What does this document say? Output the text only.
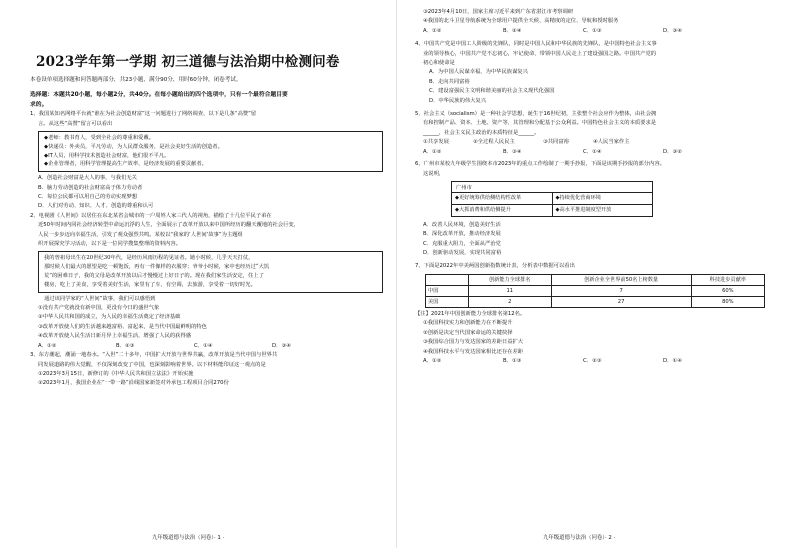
2023学年第一学期 初三道德与法治期中检测问卷
本卷设单项选择题和问答题两部分，共23小题，满分90分，用时60分钟，闭卷考试。
选择题：本题共20小题，每小题2分，共40分。在每小题给出的四个选项中，只有一个最符合题目要
求的。
1、我国某知名网络平台就“谁在为社会创造财富”这一问题进行了网络调查，以下是几条“高赞”留
言。从这些“高赞”留言可以看出
◆老师：教书育人，受到全社会的尊重和爱戴。
◆快递员：外卖员，平凡劳动，为人民群众服务，是社会美好生活的创造者。
◆IT人员，用科学技术创造社会财富，他们很不平凡。
◆企业管理者，用科学管理提高生产效率，是经济发展的重要贡献者。
A．创造社会财富是大人的事，与我们无关
B．脑力劳动创造的社会财富高于体力劳动者
C．每位公民都可以用自己的劳动实现梦想
D．人们对劳动、知识、人才、创造的尊重和认可
2、电视剧《人世间》以居住在东北某省会城市的一户周姓人家三代人的视角，描绘了十几位平民子弟在
近50年时间内同社会经济转型中命运沉浮的人生，全面展示了改革开放以来中国所经历的翻天覆地的社会巨变，
人民一步步迈向幸福生活，引发了观众强烈共鸣。某校以“我家的‘人世间’故事”为主题组
织开展探究学习活动，以下是一位同学搜集整理的资料内容。
我的曾祖母出生在20世纪30年代，是经历风雨历程的见证者。她小时候，几乎天天打仗，
那时候人们最大的愿望是吃一顿饱饭，再有一件像样的衣服穿；爷爷小时候，家中也经历过“大饥
荒”的困难日子，我的父母是改革开放以后才慢慢过上好日子的。现在我们家生活安定，住上了
楼房，吃上了美食，享受着美好生活，家里有了车，有空调，去旅游，享受着一切好时光。
通过该同学家的“人世间”故事，我们可以感悟到
①没有共产党就没有新中国，更没有今日的盛世气象
②中华人民共和国的成立，为人民的幸福生活奠定了经济基础
③改革开放使人们的生活越来越富裕、富起来，是当代中国最鲜明的特色
④改革开放使人民生活日新月异上幸福生活，增强了人民的获得感
A．①②	B．②③	C．①④	D．③④
3、东方潮起，潮涌一地春水。“入世”二十多年，中国扩大开放与世界共赢，改革开放是当代中国与世界共
同发展道路的伟大觉醒，不仅深刻改变了中国，也深刻影响着世界。以下材料能印证这一观点的是
①2023年3月15日，新修订的《中华人民共和国立法法》开始实施
②2023年1月，我国企业在“一带一路”沿线国家新签对外承包工程项目合同270份
九年级道德与法治（问卷）· 1 ·
③2023年4月10日，国家主席习近平来到广东省湛江市考察调研
④我国的北斗卫星导航系统为全球用户提供全天候、高精度的定位、导航和授时服务
A．①②	B．②④	C．①③	D．③④
4、中国共产党是中国工人阶级的先锋队，同时是中国人民和中华民族的先锋队，是中国特色社会主义事
业的领导核心，中国共产党不忘初心，牢记使命，带领中国人民走上了建设强国之路。中国共产党的
初心和使命是
A．为中国人民谋幸福，为中华民族谋复兴
B．走向共同富裕
C．建设富强民主文明和谐美丽的社会主义现代化强国
D．中华民族的伟大复兴
5、社会主义（socialism）是一种社会学思想，诞生于16世纪初，主张整个社会应作为整体，由社会拥
有和控制产品、资本、土地、资产等，其管理和分配基于公众利益。中国特色社会主义的本质要求是
______，社会主义民主政治的本质特征是______。
①共享发展	②全过程人民民主	③共同富裕	④人民当家作主
A．①②	B．③④	C．①④	D．③②
6、广州市某校九年级学生围绕本市2023年的重点工作绘制了一期手抄报，下面是该期手抄报的部分内容。
这说明，
广州市
◆更好统筹供给侧结构性改革	◆持续优化营商环境
◆大抓消费和供给侧提升	◆高水平推进制度型开放
A．改善人民环境，创造美好生活
B．深化改革开放，推动经济发展
C．克服重大阻力，全面从严治党
D．创新驱动发展，实现共同富裕
7、下面是2022年中美两国创新指数统计表，分析表中数据可以看出
	创新能力全球排名	创新企业全世界前50名上榜数量	科技进步贡献率
中国	11	7	60%
美国	2	27	80%
【注】2021年中国创新能力全球排名第12名。
①我国科技实力和创新能力在不断提升
②创新是决定当代国家命运的关键抉择
③我国综合国力与发达国家的差距日益扩大
④我国科技水平与发达国家相比还存在差距
A．①②	B．①③	C．②③	D．①④
九年级道德与法治（问卷）· 2 ·
